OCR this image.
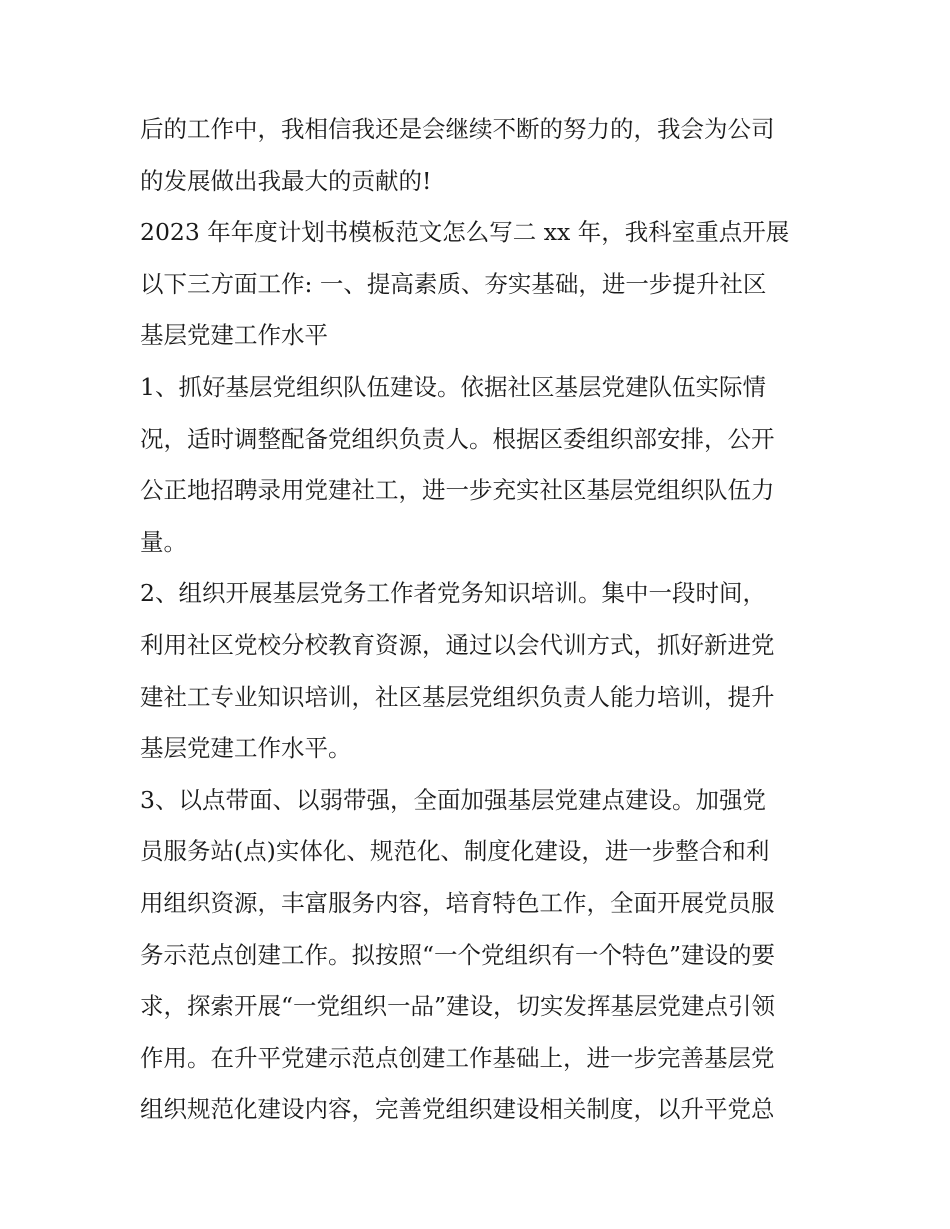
后的工作中，我相信我还是会继续不断的努力的，我会为公司
的发展做出我最大的贡献的!
2023 年年度计划书模板范文怎么写二 xx 年，我科室重点开展
以下三方面工作: 一、提高素质、夯实基础，进一步提升社区
基层党建工作水平
1、抓好基层党组织队伍建设。依据社区基层党建队伍实际情
况，适时调整配备党组织负责人。根据区委组织部安排，公开
公正地招聘录用党建社工，进一步充实社区基层党组织队伍力
量。
2、组织开展基层党务工作者党务知识培训。集中一段时间，
利用社区党校分校教育资源，通过以会代训方式，抓好新进党
建社工专业知识培训，社区基层党组织负责人能力培训，提升
基层党建工作水平。
3、以点带面、以弱带强，全面加强基层党建点建设。加强党
员服务站(点)实体化、规范化、制度化建设，进一步整合和利
用组织资源，丰富服务内容，培育特色工作，全面开展党员服
务示范点创建工作。拟按照“一个党组织有一个特色”建设的要
求，探索开展“一党组织一品”建设，切实发挥基层党建点引领
作用。在升平党建示范点创建工作基础上，进一步完善基层党
组织规范化建设内容，完善党组织建设相关制度，以升平党总
